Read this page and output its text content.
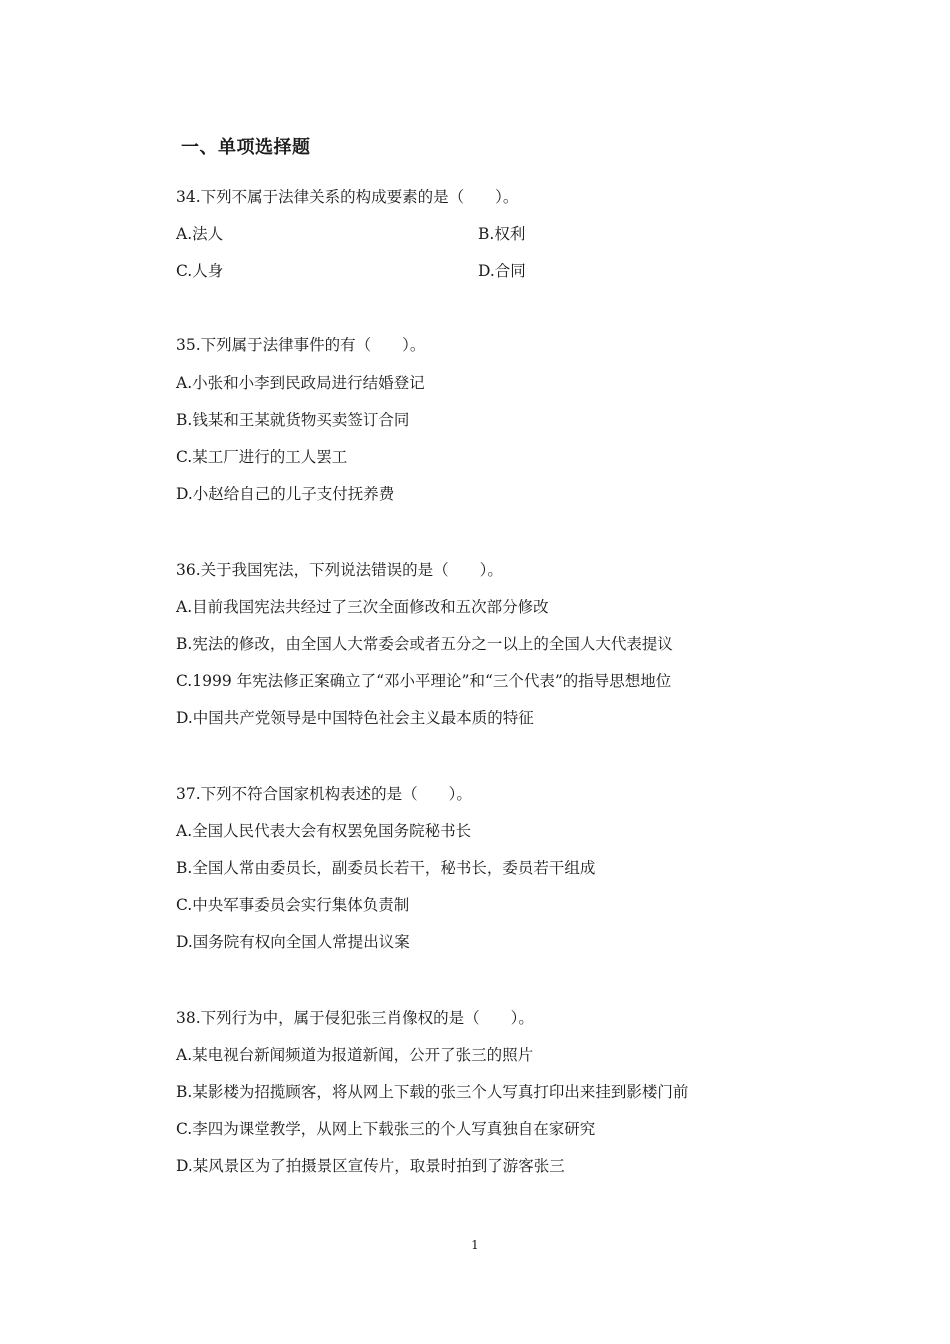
一、单项选择题
34.下列不属于法律关系的构成要素的是（　　）。
A.法人	B.权利
C.人身	D.合同
35.下列属于法律事件的有（　　）。
A.小张和小李到民政局进行结婚登记
B.钱某和王某就货物买卖签订合同
C.某工厂进行的工人罢工
D.小赵给自己的儿子支付抚养费
36.关于我国宪法，下列说法错误的是（　　）。
A.目前我国宪法共经过了三次全面修改和五次部分修改
B.宪法的修改，由全国人大常委会或者五分之一以上的全国人大代表提议
C.1999 年宪法修正案确立了“邓小平理论”和“三个代表”的指导思想地位
D.中国共产党领导是中国特色社会主义最本质的特征
37.下列不符合国家机构表述的是（　　）。
A.全国人民代表大会有权罢免国务院秘书长
B.全国人常由委员长，副委员长若干，秘书长，委员若干组成
C.中央军事委员会实行集体负责制
D.国务院有权向全国人常提出议案
38.下列行为中，属于侵犯张三肖像权的是（　　）。
A.某电视台新闻频道为报道新闻，公开了张三的照片
B.某影楼为招揽顾客，将从网上下载的张三个人写真打印出来挂到影楼门前
C.李四为课堂教学，从网上下载张三的个人写真独自在家研究
D.某风景区为了拍摄景区宣传片，取景时拍到了游客张三
1
